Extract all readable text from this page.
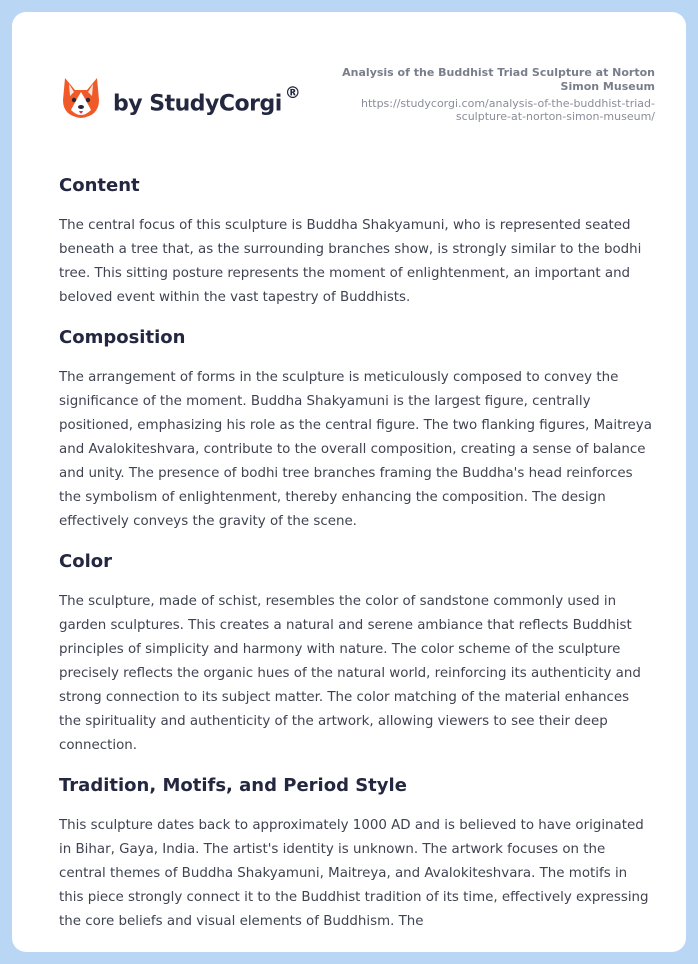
by StudyCorgi ®
Analysis of the Buddhist Triad Sculpture at Norton Simon Museum
https://studycorgi.com/analysis-of-the-buddhist-triad-sculpture-at-norton-simon-museum/
Content

The central focus of this sculpture is Buddha Shakyamuni, who is represented seated beneath a tree that, as the surrounding branches show, is strongly similar to the bodhi tree. This sitting posture represents the moment of enlightenment, an important and beloved event within the vast tapestry of Buddhists.

Composition

The arrangement of forms in the sculpture is meticulously composed to convey the significance of the moment. Buddha Shakyamuni is the largest figure, centrally positioned, emphasizing his role as the central figure. The two flanking figures, Maitreya and Avalokiteshvara, contribute to the overall composition, creating a sense of balance and unity. The presence of bodhi tree branches framing the Buddha's head reinforces the symbolism of enlightenment, thereby enhancing the composition. The design effectively conveys the gravity of the scene.

Color

The sculpture, made of schist, resembles the color of sandstone commonly used in garden sculptures. This creates a natural and serene ambiance that reflects Buddhist principles of simplicity and harmony with nature. The color scheme of the sculpture precisely reflects the organic hues of the natural world, reinforcing its authenticity and strong connection to its subject matter. The color matching of the material enhances the spirituality and authenticity of the artwork, allowing viewers to see their deep connection.

Tradition, Motifs, and Period Style

This sculpture dates back to approximately 1000 AD and is believed to have originated in Bihar, Gaya, India. The artist's identity is unknown. The artwork focuses on the central themes of Buddha Shakyamuni, Maitreya, and Avalokiteshvara. The motifs in this piece strongly connect it to the Buddhist tradition of its time, effectively expressing the core beliefs and visual elements of Buddhism. The
